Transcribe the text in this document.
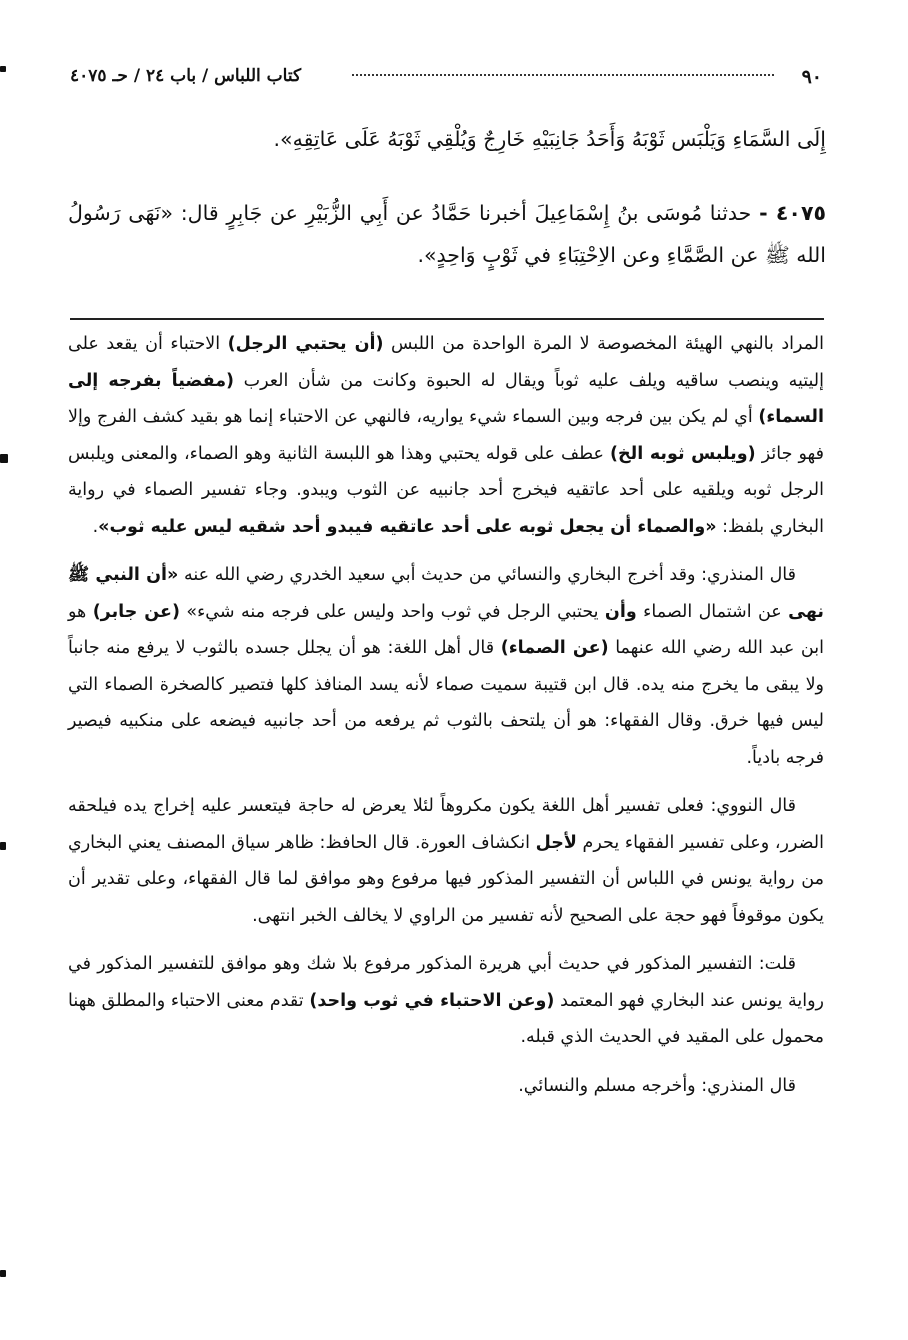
٩٠
كتاب اللباس / باب ٢٤ / حـ ٤٠٧٥
إِلَى السَّمَاءِ وَيَلْبَس ثَوْبَهُ وَأَحَدُ جَانِبَيْهِ خَارِجٌ وَيُلْقِي ثَوْبَهُ عَلَى عَاتِقِهِ».
٤٠٧٥ - حدثنا مُوسَى بنُ إِسْمَاعِيلَ أخبرنا حَمَّادُ عن أَبِي الزُّبَيْرِ عن جَابِرٍ قال: «نَهَى رَسُولُ الله ﷺ عن الصَّمَّاءِ وعن الاِحْتِبَاءِ في ثَوْبٍ وَاحِدٍ».

المراد بالنهي الهيئة المخصوصة لا المرة الواحدة من اللبس (أن يحتبي الرجل) الاحتباء أن يقعد على إليتيه وينصب ساقيه ويلف عليه ثوباً ويقال له الحبوة وكانت من شأن العرب (مفضياً بفرجه إلى السماء) أي لم يكن بين فرجه وبين السماء شيء يواريه، فالنهي عن الاحتباء إنما هو بقيد كشف الفرج وإلا فهو جائز (ويلبس ثوبه الخ) عطف على قوله يحتبي وهذا هو اللبسة الثانية وهو الصماء، والمعنى ويلبس الرجل ثوبه ويلقيه على أحد عاتقيه فيخرج أحد جانبيه عن الثوب ويبدو. وجاء تفسير الصماء في رواية البخاري بلفظ: «والصماء أن يجعل ثوبه على أحد عاتقيه فيبدو أحد شقيه ليس عليه ثوب».

قال المنذري: وقد أخرج البخاري والنسائي من حديث أبي سعيد الخدري رضي الله عنه «أن النبي ﷺ نهى عن اشتمال الصماء وأن يحتبي الرجل في ثوب واحد وليس على فرجه منه شيء» (عن جابر) هو ابن عبد الله رضي الله عنهما (عن الصماء) قال أهل اللغة: هو أن يجلل جسده بالثوب لا يرفع منه جانباً ولا يبقى ما يخرج منه يده. قال ابن قتيبة سميت صماء لأنه يسد المنافذ كلها فتصير كالصخرة الصماء التي ليس فيها خرق. وقال الفقهاء: هو أن يلتحف بالثوب ثم يرفعه من أحد جانبيه فيضعه على منكبيه فيصير فرجه بادياً.

قال النووي: فعلى تفسير أهل اللغة يكون مكروهاً لئلا يعرض له حاجة فيتعسر عليه إخراج يده فيلحقه الضرر، وعلى تفسير الفقهاء يحرم لأجل انكشاف العورة. قال الحافظ: ظاهر سياق المصنف يعني البخاري من رواية يونس في اللباس أن التفسير المذكور فيها مرفوع وهو موافق لما قال الفقهاء، وعلى تقدير أن يكون موقوفاً فهو حجة على الصحيح لأنه تفسير من الراوي لا يخالف الخبر انتهى.

قلت: التفسير المذكور في حديث أبي هريرة المذكور مرفوع بلا شك وهو موافق للتفسير المذكور في رواية يونس عند البخاري فهو المعتمد (وعن الاحتباء في ثوب واحد) تقدم معنى الاحتباء والمطلق ههنا محمول على المقيد في الحديث الذي قبله.

قال المنذري: وأخرجه مسلم والنسائي.
